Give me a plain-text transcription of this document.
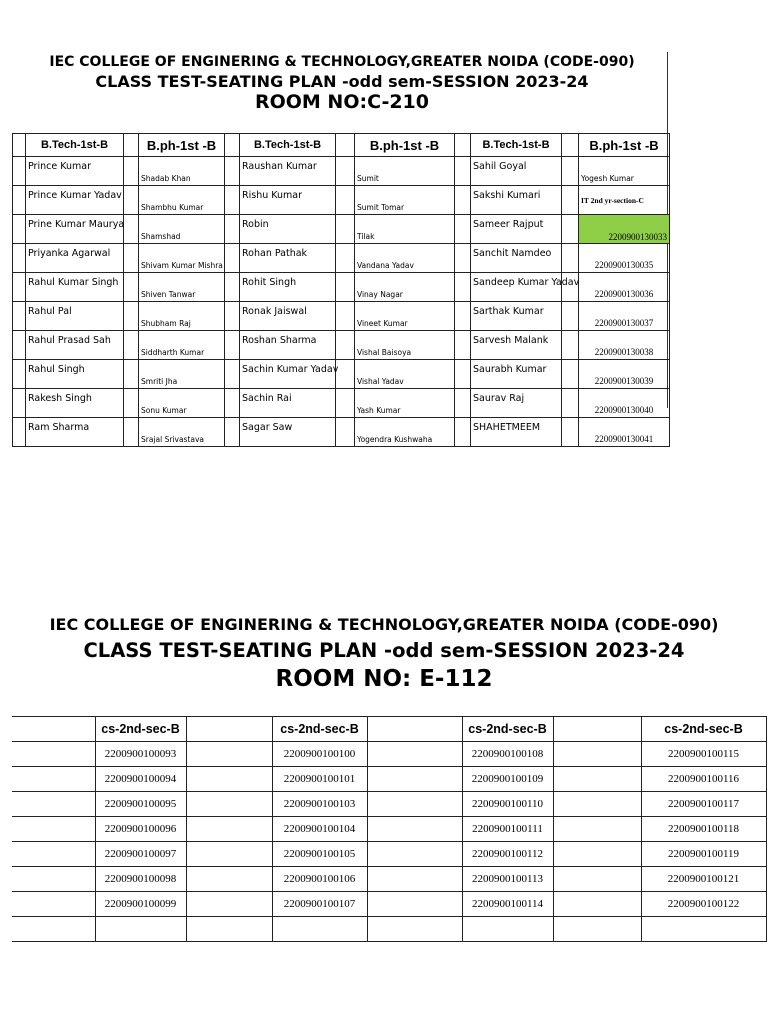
IEC COLLEGE OF ENGINERING & TECHNOLOGY,GREATER NOIDA (CODE-090)
CLASS TEST-SEATING PLAN -odd sem-SESSION 2023-24
ROOM NO:C-210
	B.Tech-1st-B		B.ph-1st -B		B.Tech-1st-B		B.ph-1st -B		B.Tech-1st-B		B.ph-1st -B
	Prince Kumar		Shadab Khan		Raushan Kumar		Sumit		Sahil Goyal		Yogesh Kumar
	Prince Kumar Yadav		Shambhu Kumar		Rishu Kumar		Sumit Tomar		Sakshi Kumari		IT 2nd yr-section-C
	Prine Kumar Maurya		Shamshad		Robin		Tilak		Sameer Rajput		2200900130033
	Priyanka Agarwal		Shivam Kumar Mishra		Rohan Pathak		Vandana Yadav		Sanchit Namdeo		2200900130035
	Rahul Kumar Singh		Shiven Tanwar		Rohit Singh		Vinay Nagar		Sandeep Kumar Yadav		2200900130036
	Rahul Pal		Shubham Raj		Ronak Jaiswal		Vineet Kumar		Sarthak Kumar		2200900130037
	Rahul Prasad Sah		Siddharth Kumar		Roshan Sharma		Vishal Baisoya		Sarvesh Malank		2200900130038
	Rahul Singh		Smriti Jha		Sachin Kumar Yadav		Vishal Yadav		Saurabh Kumar		2200900130039
	Rakesh Singh		Sonu Kumar		Sachin Rai		Yash Kumar		Saurav Raj		2200900130040
	Ram Sharma		Srajal Srivastava		Sagar Saw		Yogendra Kushwaha		SHAHETMEEM		2200900130041
IEC COLLEGE OF ENGINERING & TECHNOLOGY,GREATER NOIDA (CODE-090)
CLASS TEST-SEATING PLAN -odd sem-SESSION 2023-24
ROOM NO: E-112
	cs-2nd-sec-B		cs-2nd-sec-B		cs-2nd-sec-B		cs-2nd-sec-B
	2200900100093		2200900100100		2200900100108		2200900100115
	2200900100094		2200900100101		2200900100109		2200900100116
	2200900100095		2200900100103		2200900100110		2200900100117
	2200900100096		2200900100104		2200900100111		2200900100118
	2200900100097		2200900100105		2200900100112		2200900100119
	2200900100098		2200900100106		2200900100113		2200900100121
	2200900100099		2200900100107		2200900100114		2200900100122
